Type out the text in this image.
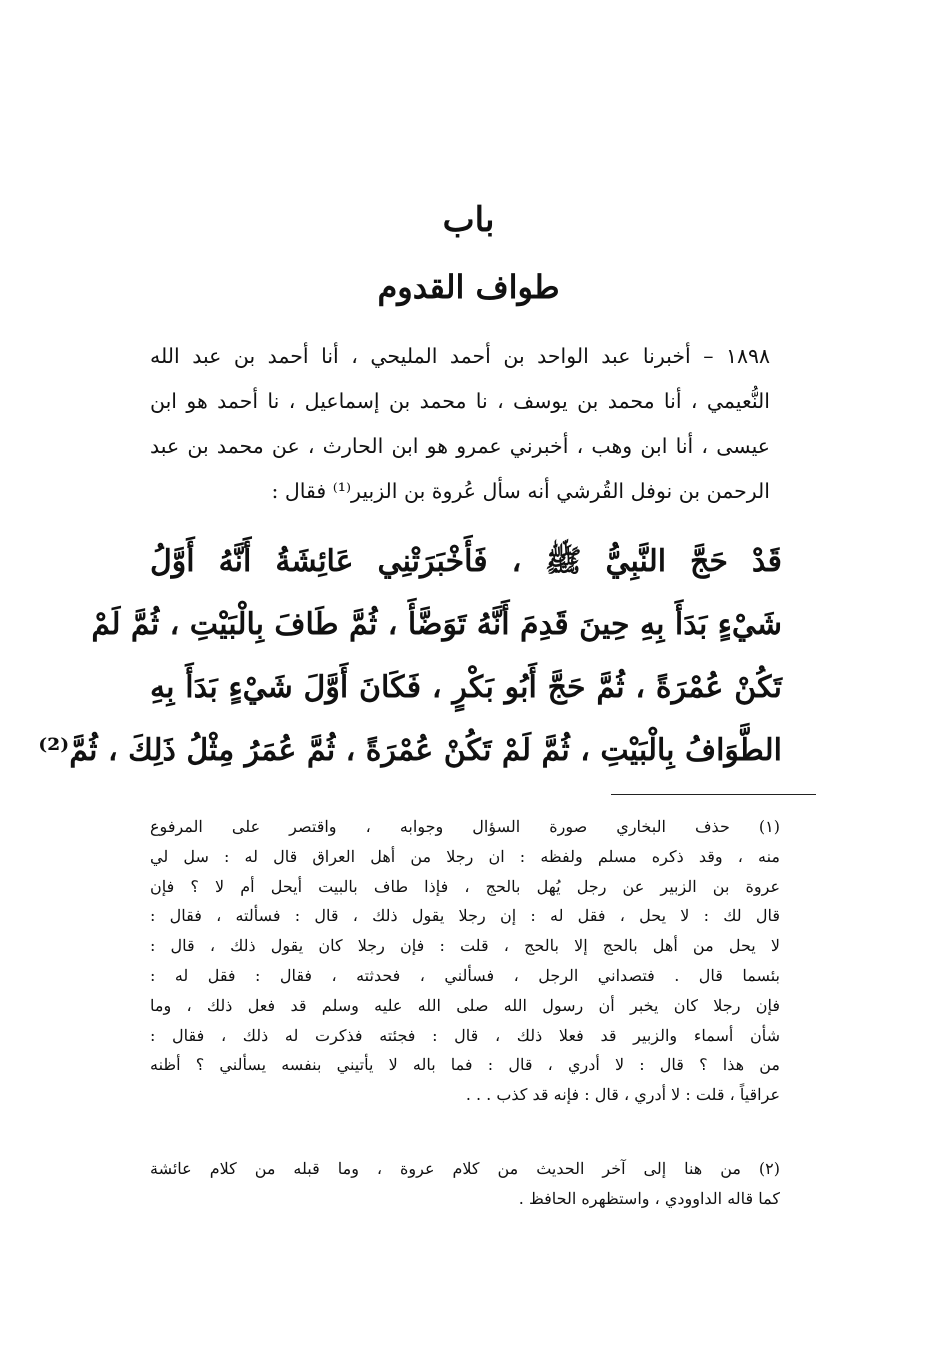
باب
طواف القدوم
١٨٩٨ – أخبرنا عبد الواحد بن أحمد المليحي ، أنا أحمد بن عبد الله
النُّعيمي ، أنا محمد بن يوسف ، نا محمد بن إسماعيل ، نا أحمد هو ابن
عيسى ، أنا ابن وهب ، أخبرني عمرو هو ابن الحارث ، عن محمد بن عبد
الرحمن بن نوفل القُرشي أنه سأل عُروة بن الزبير⁽¹⁾ فقال :
قَدْ حَجَّ النَّبِيُّ ﷺ ، فَأَخْبَرَتْنِي عَائِشَةُ أَنَّهُ أَوَّلُ
شَيْءٍ بَدَأَ بِهِ حِينَ قَدِمَ أَنَّهُ تَوَضَّأَ ، ثُمَّ طَافَ بِالْبَيْتِ ، ثُمَّ لَمْ
تَكُنْ عُمْرَةً ، ثُمَّ حَجَّ أَبُو بَكْرٍ ، فَكَانَ أَوَّلَ شَيْءٍ بَدَأَ بِهِ
الطَّوَافُ بِالْبَيْتِ ، ثُمَّ لَمْ تَكُنْ عُمْرَةً ، ثُمَّ عُمَرُ مِثْلُ ذَلِكَ ، ثُمَّ⁽²⁾
(١) حذف البخاري صورة السؤال وجوابه ، واقتصر على المرفوع
منه ، وقد ذكره مسلم ولفظه : ان رجلا من أهل العراق قال له : سل لي
عروة بن الزبير عن رجل يُهل بالحج ، فإذا طاف بالبيت أيحل أم لا ؟ فإن
قال لك : لا يحل ، فقل له : إن رجلا يقول ذلك ، قال : فسألته ، فقال :
لا يحل من أهل بالحج إلا بالحج ، قلت : فإن رجلا كان يقول ذلك ، قال :
بئسما قال . فتصداني الرجل ، فسألني ، فحدثته ، فقال : فقل له :
فإن رجلا كان يخبر أن رسول الله صلى الله عليه وسلم قد فعل ذلك ، وما
شأن أسماء والزبير قد فعلا ذلك ، قال : فجئته فذكرت له ذلك ، فقال :
من هذا ؟ قال : لا أدري ، قال : فما باله لا يأتيني بنفسه يسألني ؟ أظنه
عراقياً ، قلت : لا أدري ، قال : فإنه قد كذب . . .
(٢) من هنا إلى آخر الحديث من كلام عروة ، وما قبله من كلام عائشة
كما قاله الداوودي ، واستظهره الحافظ .
